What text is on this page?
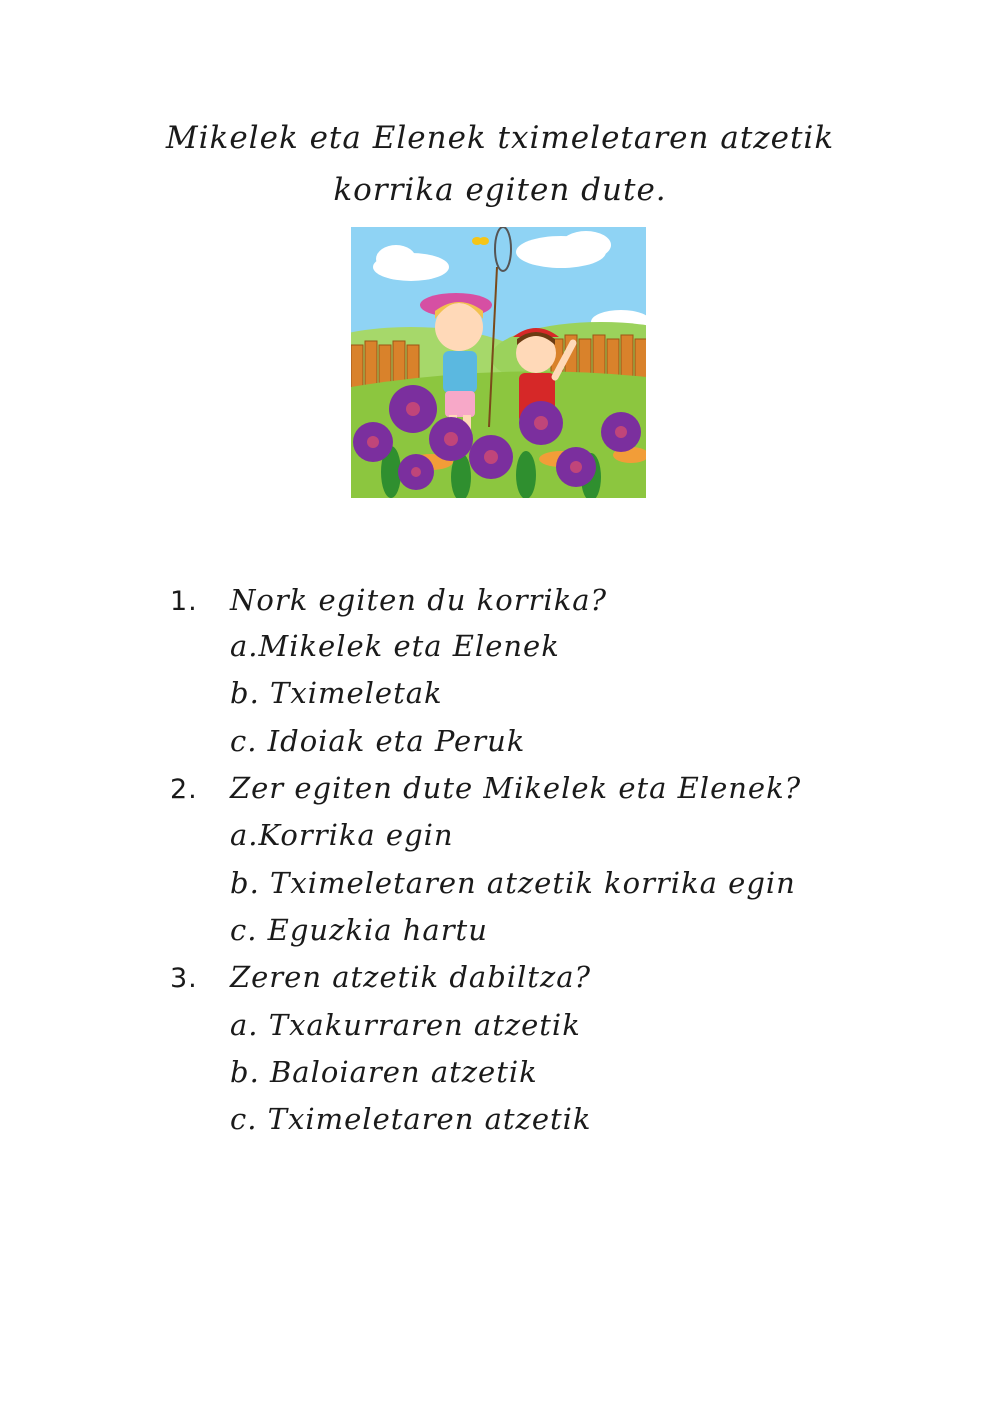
Mikelek eta Elenek tximeletaren atzetik
korrika egiten dute.
1. Nork egiten du korrika?
a.Mikelek eta Elenek
b. Tximeletak
c. Idoiak eta Peruk
2. Zer egiten dute Mikelek eta Elenek?
a.Korrika egin
b. Tximeletaren atzetik korrika egin
c. Eguzkia hartu
3. Zeren atzetik dabiltza?
a. Txakurraren atzetik
b. Baloiaren atzetik
c. Tximeletaren atzetik
